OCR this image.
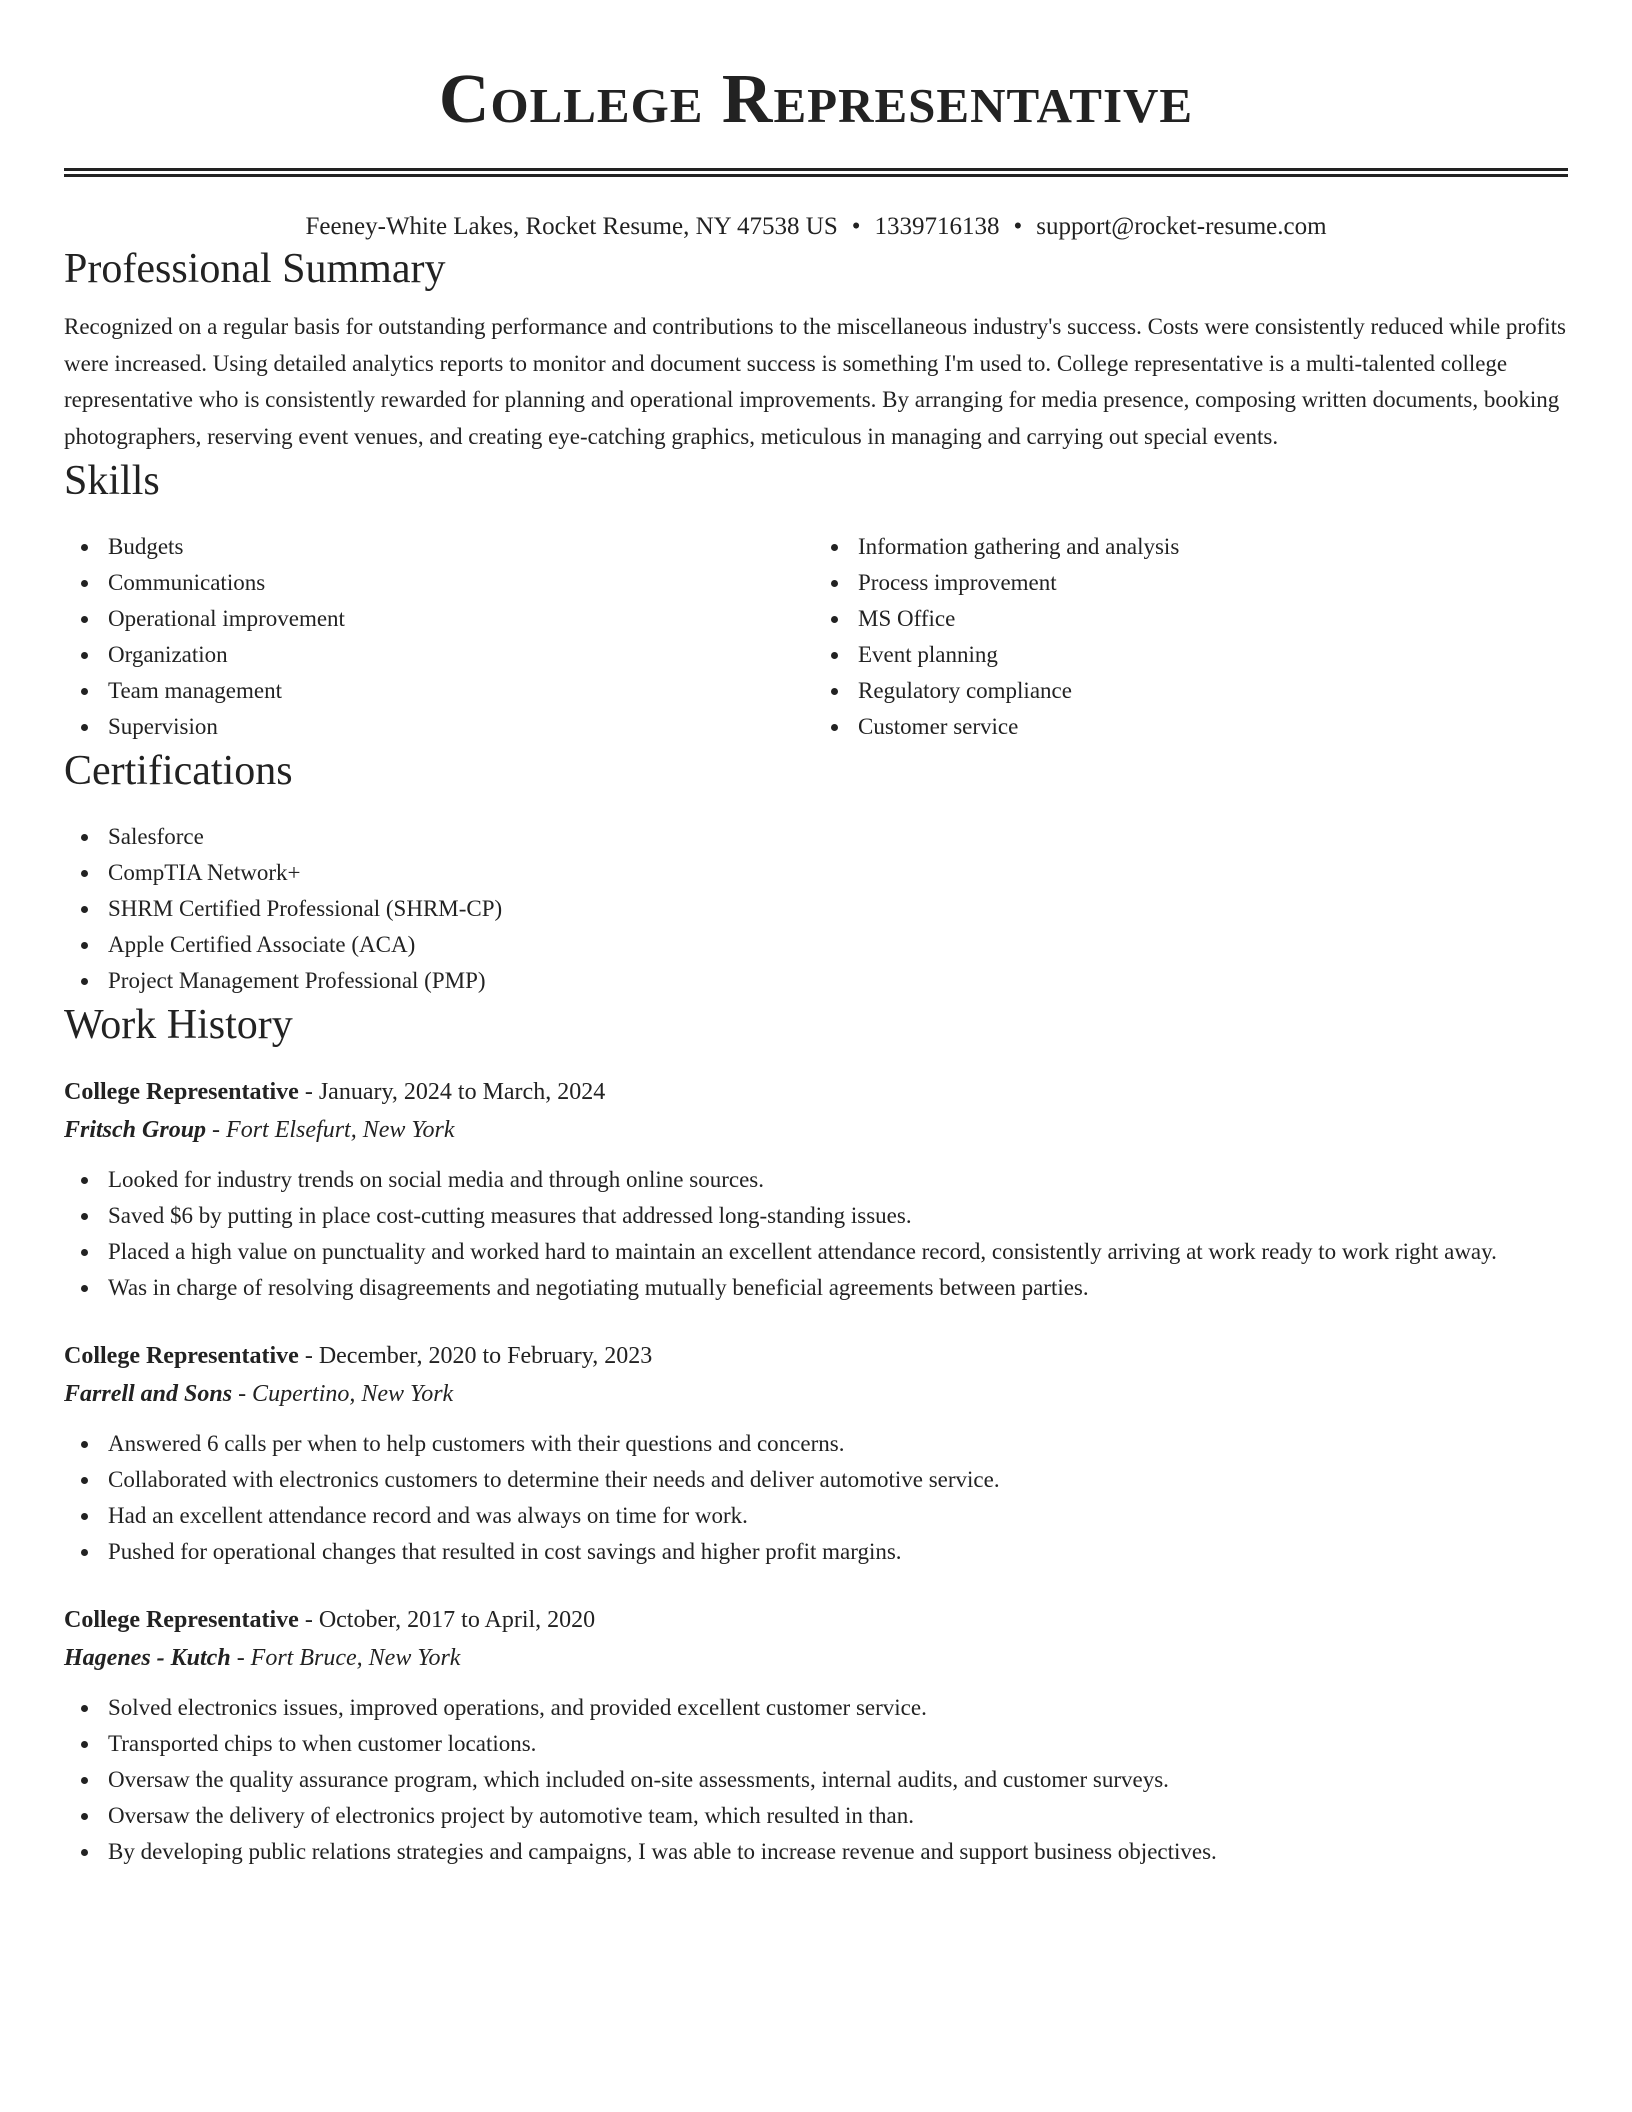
College Representative
Feeney-White Lakes, Rocket Resume, NY 47538 US • 1339716138 • support@rocket-resume.com
Professional Summary

Recognized on a regular basis for outstanding performance and contributions to the miscellaneous industry's success. Costs were consistently reduced while profits were increased. Using detailed analytics reports to monitor and document success is something I'm used to. College representative is a multi-talented college representative who is consistently rewarded for planning and operational improvements. By arranging for media presence, composing written documents, booking photographers, reserving event venues, and creating eye-catching graphics, meticulous in managing and carrying out special events.

Skills
Budgets
Communications
Operational improvement
Organization
Team management
Supervision
Information gathering and analysis
Process improvement
MS Office
Event planning
Regulatory compliance
Customer service
Certifications
Salesforce
CompTIA Network+
SHRM Certified Professional (SHRM-CP)
Apple Certified Associate (ACA)
Project Management Professional (PMP)
Work History
College Representative - January, 2024 to March, 2024
Fritsch Group - Fort Elsefurt, New York
Looked for industry trends on social media and through online sources.
Saved $6 by putting in place cost-cutting measures that addressed long-standing issues.
Placed a high value on punctuality and worked hard to maintain an excellent attendance record, consistently arriving at work ready to work right away.
Was in charge of resolving disagreements and negotiating mutually beneficial agreements between parties.
College Representative - December, 2020 to February, 2023
Farrell and Sons - Cupertino, New York
Answered 6 calls per when to help customers with their questions and concerns.
Collaborated with electronics customers to determine their needs and deliver automotive service.
Had an excellent attendance record and was always on time for work.
Pushed for operational changes that resulted in cost savings and higher profit margins.
College Representative - October, 2017 to April, 2020
Hagenes - Kutch - Fort Bruce, New York
Solved electronics issues, improved operations, and provided excellent customer service.
Transported chips to when customer locations.
Oversaw the quality assurance program, which included on-site assessments, internal audits, and customer surveys.
Oversaw the delivery of electronics project by automotive team, which resulted in than.
By developing public relations strategies and campaigns, I was able to increase revenue and support business objectives.
